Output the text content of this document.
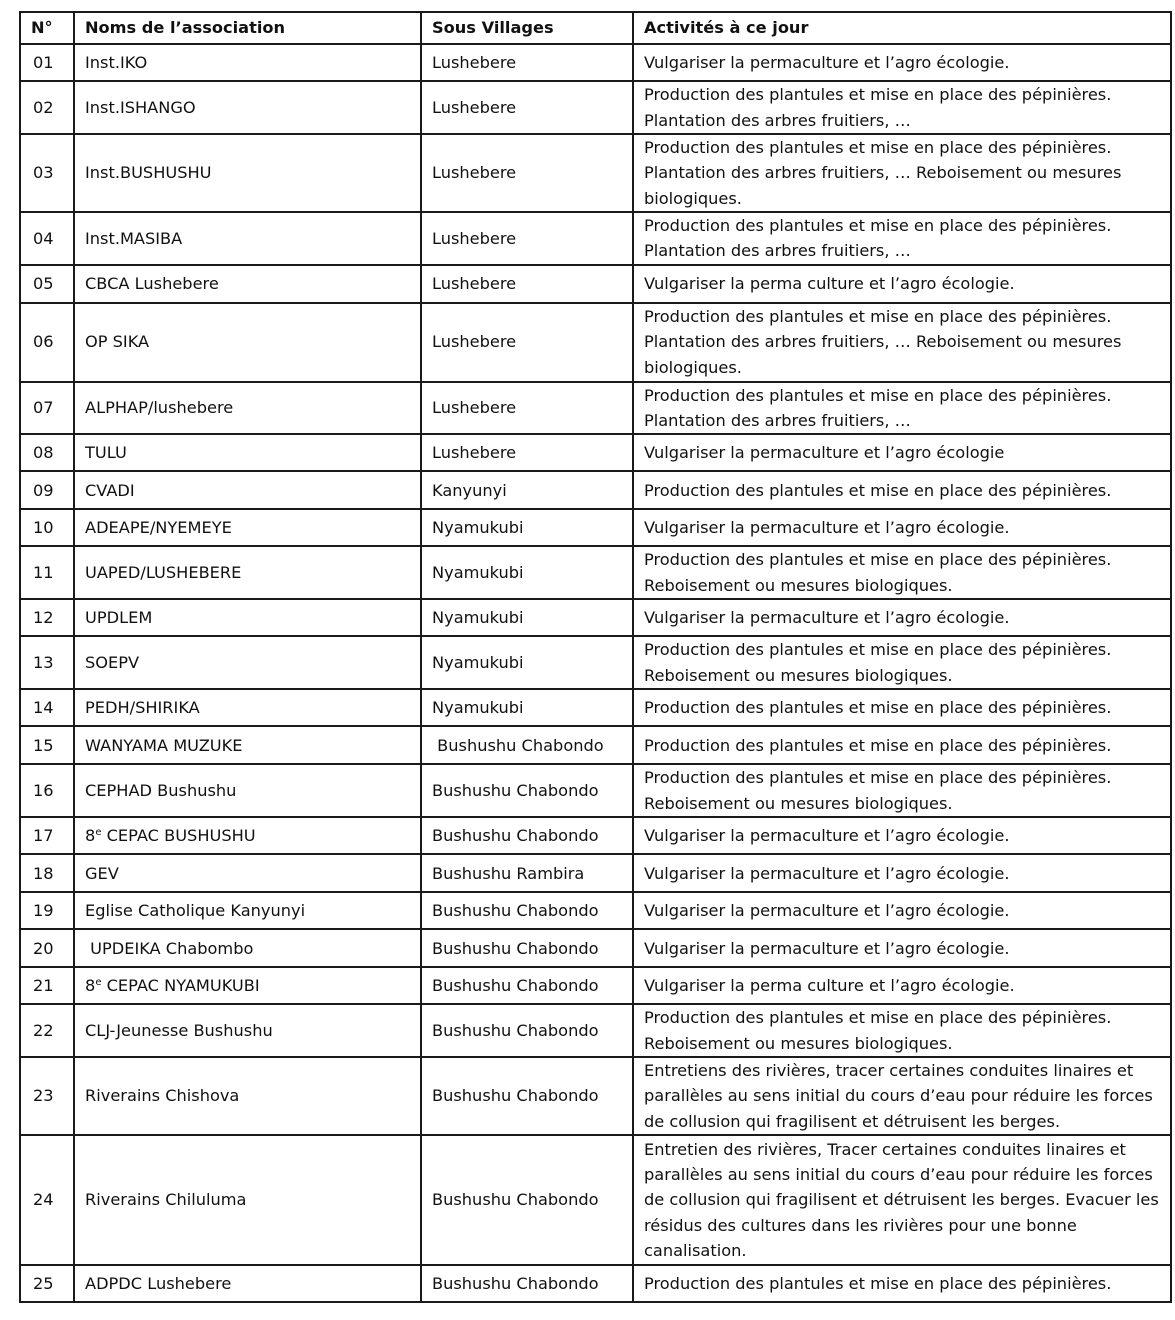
N°	Noms de l’association	Sous Villages	Activités à ce jour
01	Inst.IKO	Lushebere	Vulgariser la permaculture et l’agro écologie.
02	Inst.ISHANGO	Lushebere	Production des plantules et mise en place des pépinières. Plantation des arbres fruitiers, …
03	Inst.BUSHUSHU	Lushebere	Production des plantules et mise en place des pépinières. Plantation des arbres fruitiers, … Reboisement ou mesures biologiques.
04	Inst.MASIBA	Lushebere	Production des plantules et mise en place des pépinières. Plantation des arbres fruitiers, …
05	CBCA Lushebere	Lushebere	Vulgariser la perma culture et l’agro écologie.
06	OP SIKA	Lushebere	Production des plantules et mise en place des pépinières. Plantation des arbres fruitiers, … Reboisement ou mesures biologiques.
07	ALPHAP/lushebere	Lushebere	Production des plantules et mise en place des pépinières. Plantation des arbres fruitiers, …
08	TULU	Lushebere	Vulgariser la permaculture et l’agro écologie
09	CVADI	Kanyunyi	Production des plantules et mise en place des pépinières.
10	ADEAPE/NYEMEYE	Nyamukubi	Vulgariser la permaculture et l’agro écologie.
11	UAPED/LUSHEBERE	Nyamukubi	Production des plantules et mise en place des pépinières. Reboisement ou mesures biologiques.
12	UPDLEM	Nyamukubi	Vulgariser la permaculture et l’agro écologie.
13	SOEPV	Nyamukubi	Production des plantules et mise en place des pépinières. Reboisement ou mesures biologiques.
14	PEDH/SHIRIKA	Nyamukubi	Production des plantules et mise en place des pépinières.
15	WANYAMA MUZUKE	Bushushu Chabondo	Production des plantules et mise en place des pépinières.
16	CEPHAD Bushushu	Bushushu Chabondo	Production des plantules et mise en place des pépinières. Reboisement ou mesures biologiques.
17	8e CEPAC BUSHUSHU	Bushushu Chabondo	Vulgariser la permaculture et l’agro écologie.
18	GEV	Bushushu Rambira	Vulgariser la permaculture et l’agro écologie.
19	Eglise Catholique Kanyunyi	Bushushu Chabondo	Vulgariser la permaculture et l’agro écologie.
20	UPDEIKA Chabombo	Bushushu Chabondo	Vulgariser la permaculture et l’agro écologie.
21	8e CEPAC NYAMUKUBI	Bushushu Chabondo	Vulgariser la perma culture et l’agro écologie.
22	CLJ-Jeunesse Bushushu	Bushushu Chabondo	Production des plantules et mise en place des pépinières. Reboisement ou mesures biologiques.
23	Riverains Chishova	Bushushu Chabondo	Entretiens des rivières, tracer certaines conduites linaires et parallèles au sens initial du cours d’eau pour réduire les forces de collusion qui fragilisent et détruisent les berges.
24	Riverains Chiluluma	Bushushu Chabondo	Entretien des rivières, Tracer certaines conduites linaires et parallèles au sens initial du cours d’eau pour réduire les forces de collusion qui fragilisent et détruisent les berges. Evacuer les résidus des cultures dans les rivières pour une bonne canalisation.
25	ADPDC Lushebere	Bushushu Chabondo	Production des plantules et mise en place des pépinières.
